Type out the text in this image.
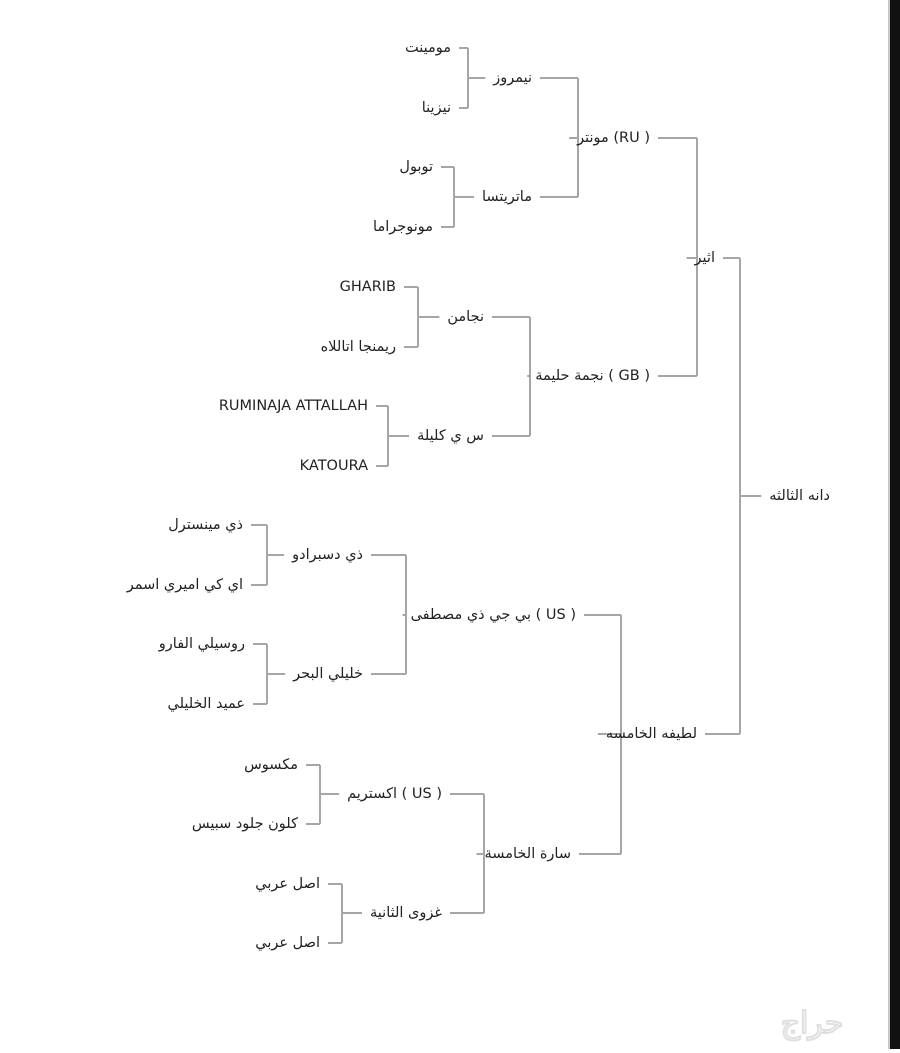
دانه الثالثه
اثير
لطيفه الخامسه
مونتر (RU )
نجمة حليمة ( GB )
بي جي ذي مصطفى ( US )
سارة الخامسة
نيمروز
ماتريتسا
نجامن
س ي كليلة
ذي دسبرادو
خليلي البحر
اكستريم ( US )
غزوى الثانية
مومينت
نيزينا
توبول
مونوجراما
GHARIB
ريمنجا اتاللاه
RUMINAJA ATTALLAH
KATOURA
ذي مينسترل
اي كي اميري اسمر
روسيلي الفارو
عميد الخليلي
مكسوس
كلون جلود سبيس
اصل عربي
اصل عربي
حراج
